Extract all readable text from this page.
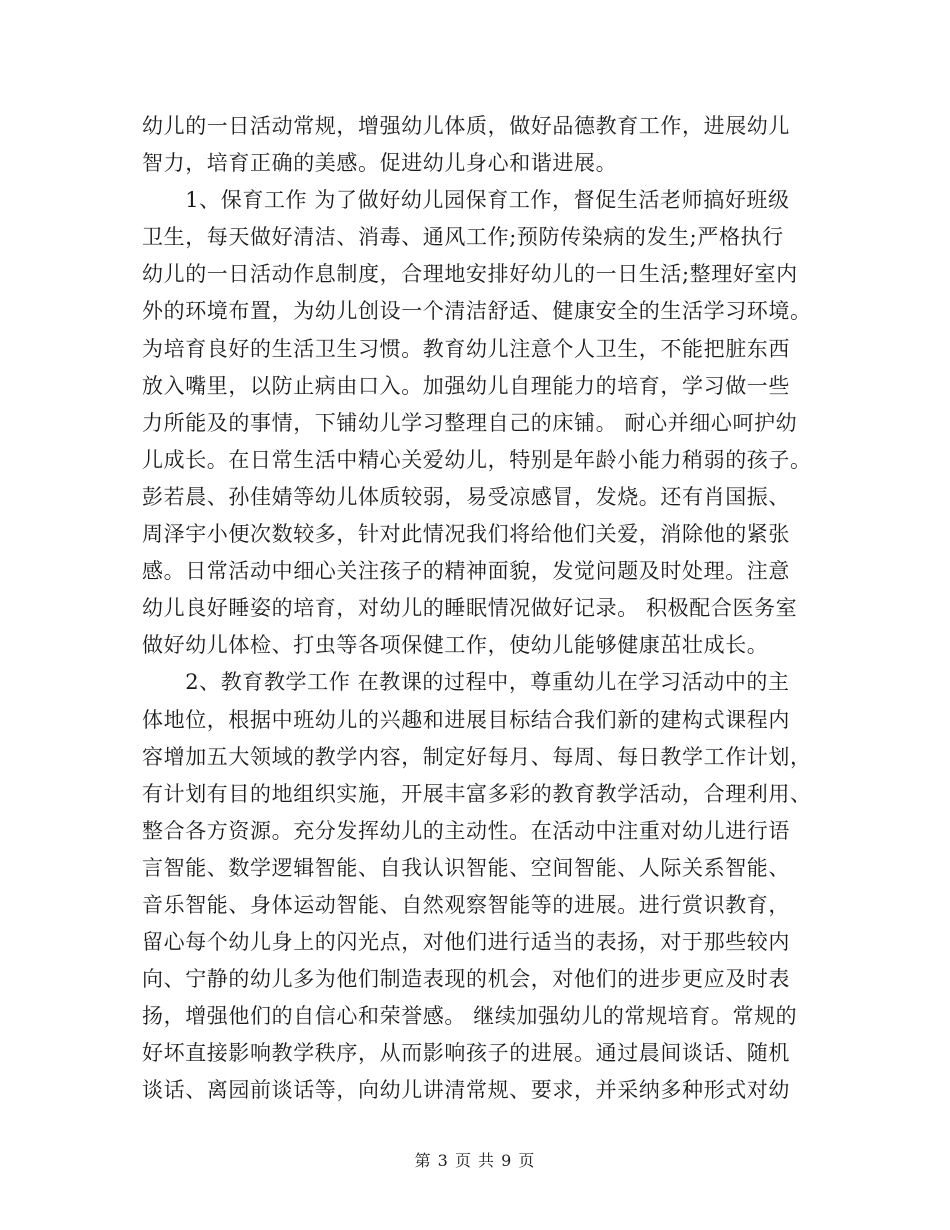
幼儿的一日活动常规，增强幼儿体质，做好品德教育工作，进展幼儿
智力，培育正确的美感。促进幼儿身心和谐进展。
　　1、保育工作 为了做好幼儿园保育工作，督促生活老师搞好班级
卫生，每天做好清洁、消毒、通风工作;预防传染病的发生;严格执行
幼儿的一日活动作息制度，合理地安排好幼儿的一日生活;整理好室内
外的环境布置，为幼儿创设一个清洁舒适、健康安全的生活学习环境。
为培育良好的生活卫生习惯。教育幼儿注意个人卫生，不能把脏东西
放入嘴里，以防止病由口入。加强幼儿自理能力的培育，学习做一些
力所能及的事情，下铺幼儿学习整理自己的床铺。 耐心并细心呵护幼
儿成长。在日常生活中精心关爱幼儿，特别是年龄小能力稍弱的孩子。
彭若晨、孙佳婧等幼儿体质较弱，易受凉感冒，发烧。还有肖国振、
周泽宇小便次数较多，针对此情况我们将给他们关爱，消除他的紧张
感。日常活动中细心关注孩子的精神面貌，发觉问题及时处理。注意
幼儿良好睡姿的培育，对幼儿的睡眠情况做好记录。 积极配合医务室
做好幼儿体检、打虫等各项保健工作，使幼儿能够健康茁壮成长。
　　2、教育教学工作 在教课的过程中，尊重幼儿在学习活动中的主
体地位，根据中班幼儿的兴趣和进展目标结合我们新的建构式课程内
容增加五大领域的教学内容，制定好每月、每周、每日教学工作计划，
有计划有目的地组织实施，开展丰富多彩的教育教学活动，合理利用、
整合各方资源。充分发挥幼儿的主动性。在活动中注重对幼儿进行语
言智能、数学逻辑智能、自我认识智能、空间智能、人际关系智能、
音乐智能、身体运动智能、自然观察智能等的进展。进行赏识教育，
留心每个幼儿身上的闪光点，对他们进行适当的表扬，对于那些较内
向、宁静的幼儿多为他们制造表现的机会，对他们的进步更应及时表
扬，增强他们的自信心和荣誉感。 继续加强幼儿的常规培育。常规的
好坏直接影响教学秩序，从而影响孩子的进展。通过晨间谈话、随机
谈话、离园前谈话等，向幼儿讲清常规、要求，并采纳多种形式对幼
第 3 页 共 9 页
